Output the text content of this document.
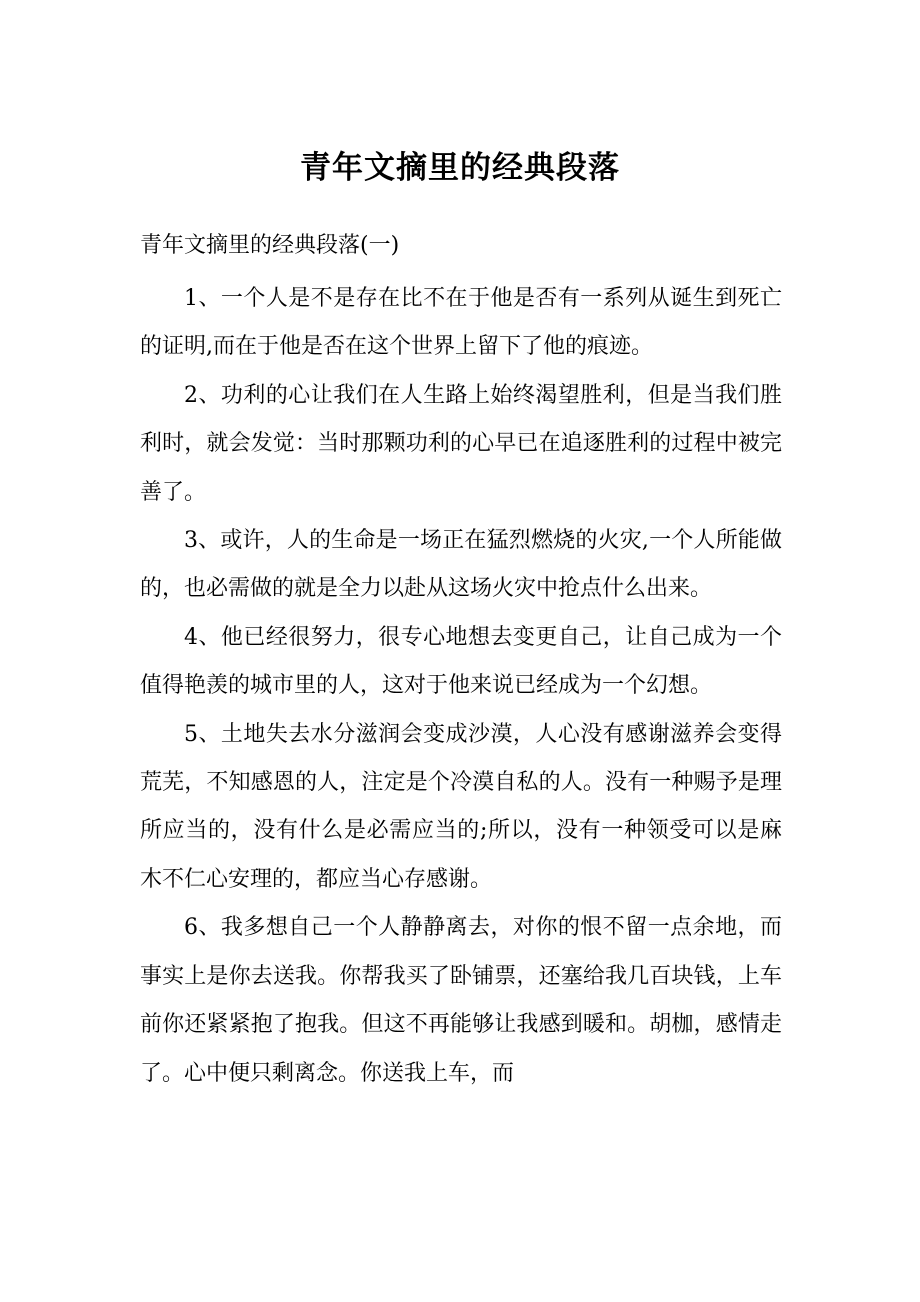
青年文摘里的经典段落
青年文摘里的经典段落(一)

1、一个人是不是存在比不在于他是否有一系列从诞生到死亡的证明,而在于他是否在这个世界上留下了他的痕迹。

2、功利的心让我们在人生路上始终渴望胜利，但是当我们胜利时，就会发觉：当时那颗功利的心早已在追逐胜利的过程中被完善了。

3、或许，人的生命是一场正在猛烈燃烧的火灾,一个人所能做的，也必需做的就是全力以赴从这场火灾中抢点什么出来。

4、他已经很努力，很专心地想去变更自己，让自己成为一个值得艳羡的城市里的人，这对于他来说已经成为一个幻想。

5、土地失去水分滋润会变成沙漠，人心没有感谢滋养会变得荒芜，不知感恩的人，注定是个冷漠自私的人。没有一种赐予是理所应当的，没有什么是必需应当的;所以，没有一种领受可以是麻木不仁心安理的，都应当心存感谢。

6、我多想自己一个人静静离去，对你的恨不留一点余地，而事实上是你去送我。你帮我买了卧铺票，还塞给我几百块钱，上车前你还紧紧抱了抱我。但这不再能够让我感到暖和。胡枷，感情走了。心中便只剩离念。你送我上车，而
